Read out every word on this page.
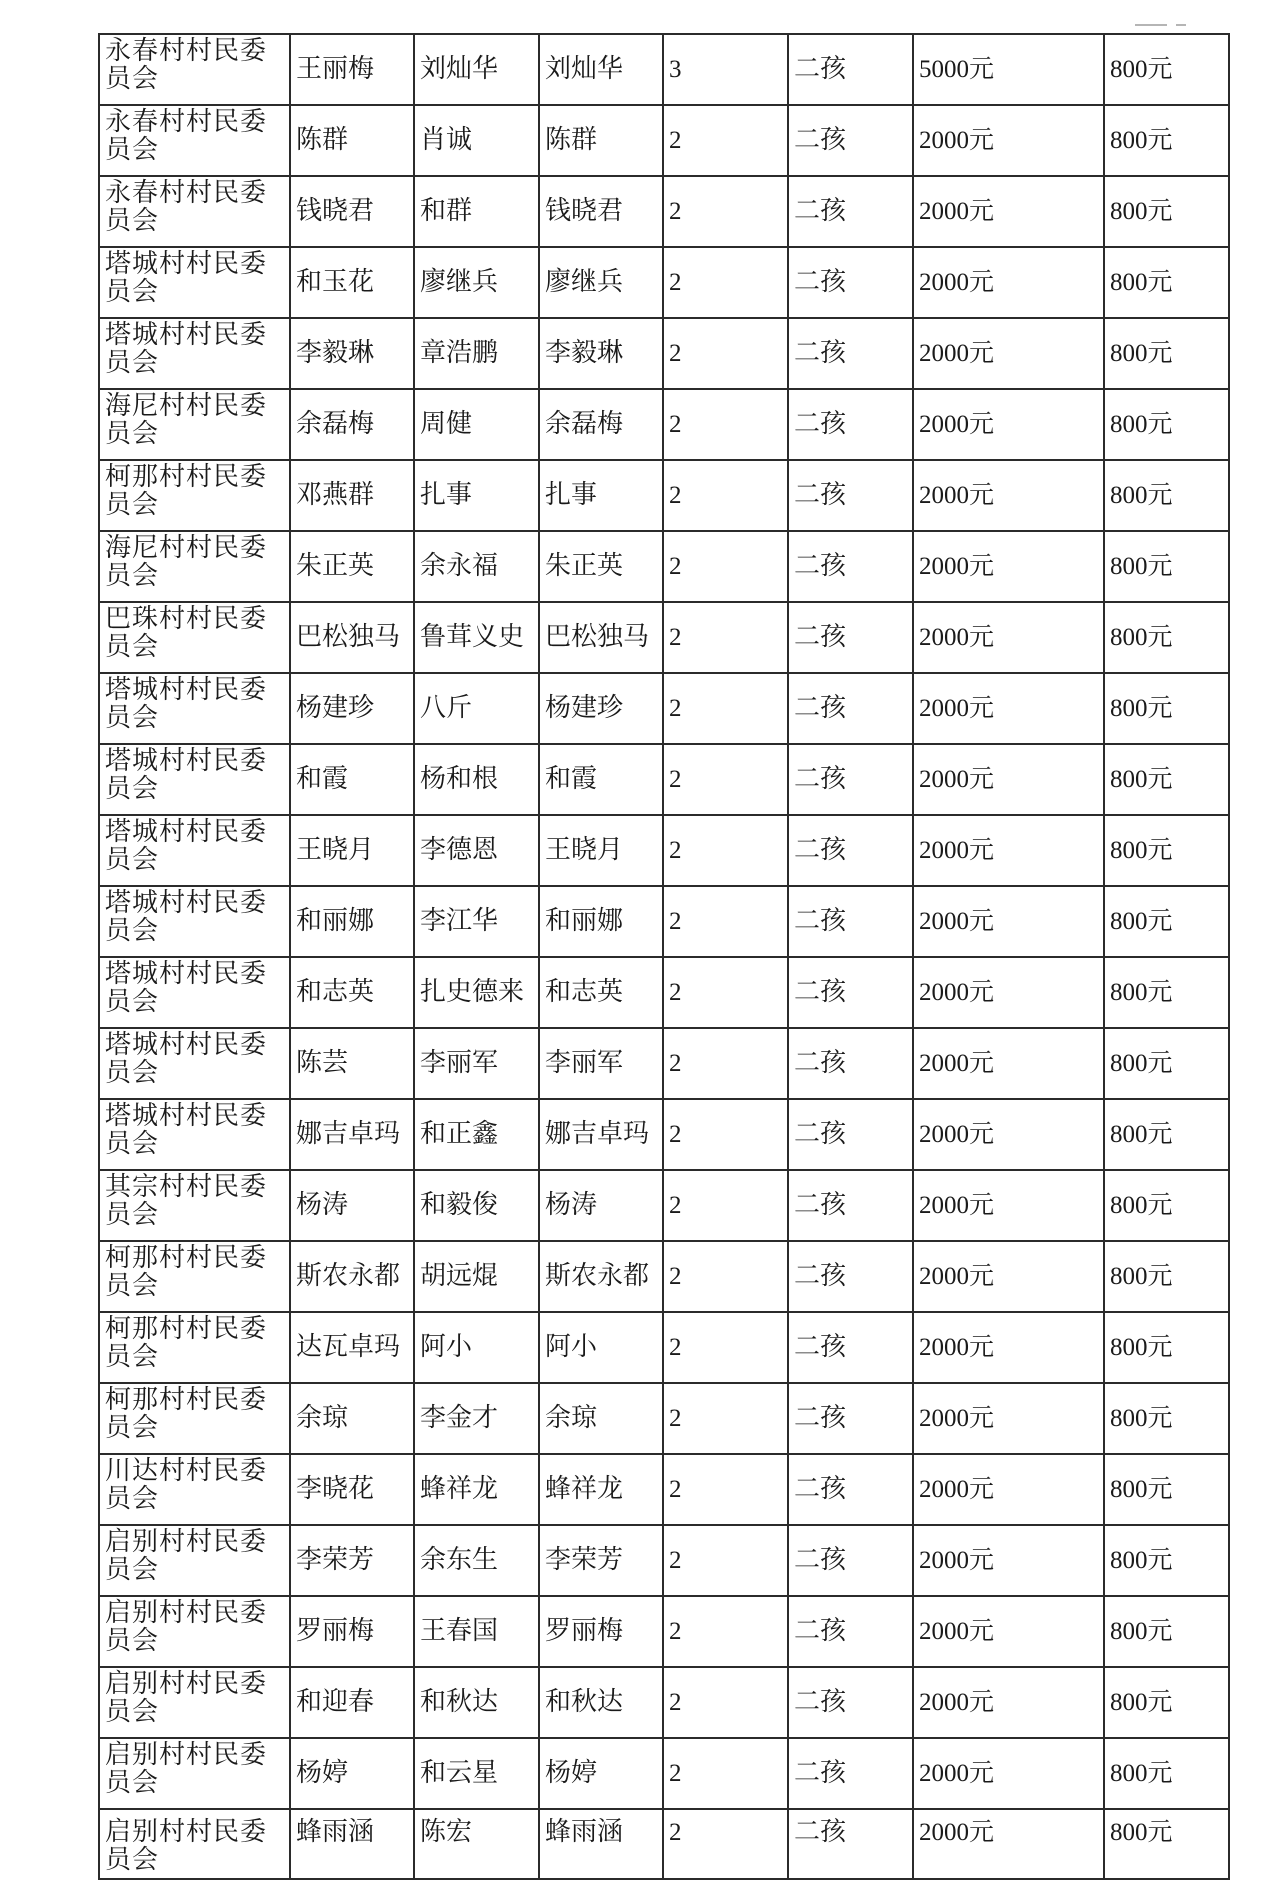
永春村村民委员会	王丽梅	刘灿华	刘灿华	3	二孩	5000元	800元
永春村村民委员会	陈群	肖诚	陈群	2	二孩	2000元	800元
永春村村民委员会	钱晓君	和群	钱晓君	2	二孩	2000元	800元
塔城村村民委员会	和玉花	廖继兵	廖继兵	2	二孩	2000元	800元
塔城村村民委员会	李毅琳	章浩鹏	李毅琳	2	二孩	2000元	800元
海尼村村民委员会	余磊梅	周健	余磊梅	2	二孩	2000元	800元
柯那村村民委员会	邓燕群	扎事	扎事	2	二孩	2000元	800元
海尼村村民委员会	朱正英	余永福	朱正英	2	二孩	2000元	800元
巴珠村村民委员会	巴松独马	鲁茸义史	巴松独马	2	二孩	2000元	800元
塔城村村民委员会	杨建珍	八斤	杨建珍	2	二孩	2000元	800元
塔城村村民委员会	和霞	杨和根	和霞	2	二孩	2000元	800元
塔城村村民委员会	王晓月	李德恩	王晓月	2	二孩	2000元	800元
塔城村村民委员会	和丽娜	李江华	和丽娜	2	二孩	2000元	800元
塔城村村民委员会	和志英	扎史德来	和志英	2	二孩	2000元	800元
塔城村村民委员会	陈芸	李丽军	李丽军	2	二孩	2000元	800元
塔城村村民委员会	娜吉卓玛	和正鑫	娜吉卓玛	2	二孩	2000元	800元
其宗村村民委员会	杨涛	和毅俊	杨涛	2	二孩	2000元	800元
柯那村村民委员会	斯农永都	胡远焜	斯农永都	2	二孩	2000元	800元
柯那村村民委员会	达瓦卓玛	阿小	阿小	2	二孩	2000元	800元
柯那村村民委员会	余琼	李金才	余琼	2	二孩	2000元	800元
川达村村民委员会	李晓花	蜂祥龙	蜂祥龙	2	二孩	2000元	800元
启别村村民委员会	李荣芳	余东生	李荣芳	2	二孩	2000元	800元
启别村村民委员会	罗丽梅	王春国	罗丽梅	2	二孩	2000元	800元
启别村村民委员会	和迎春	和秋达	和秋达	2	二孩	2000元	800元
启别村村民委员会	杨婷	和云星	杨婷	2	二孩	2000元	800元
启别村村民委员会	蜂雨涵	陈宏	蜂雨涵	2	二孩	2000元	800元
